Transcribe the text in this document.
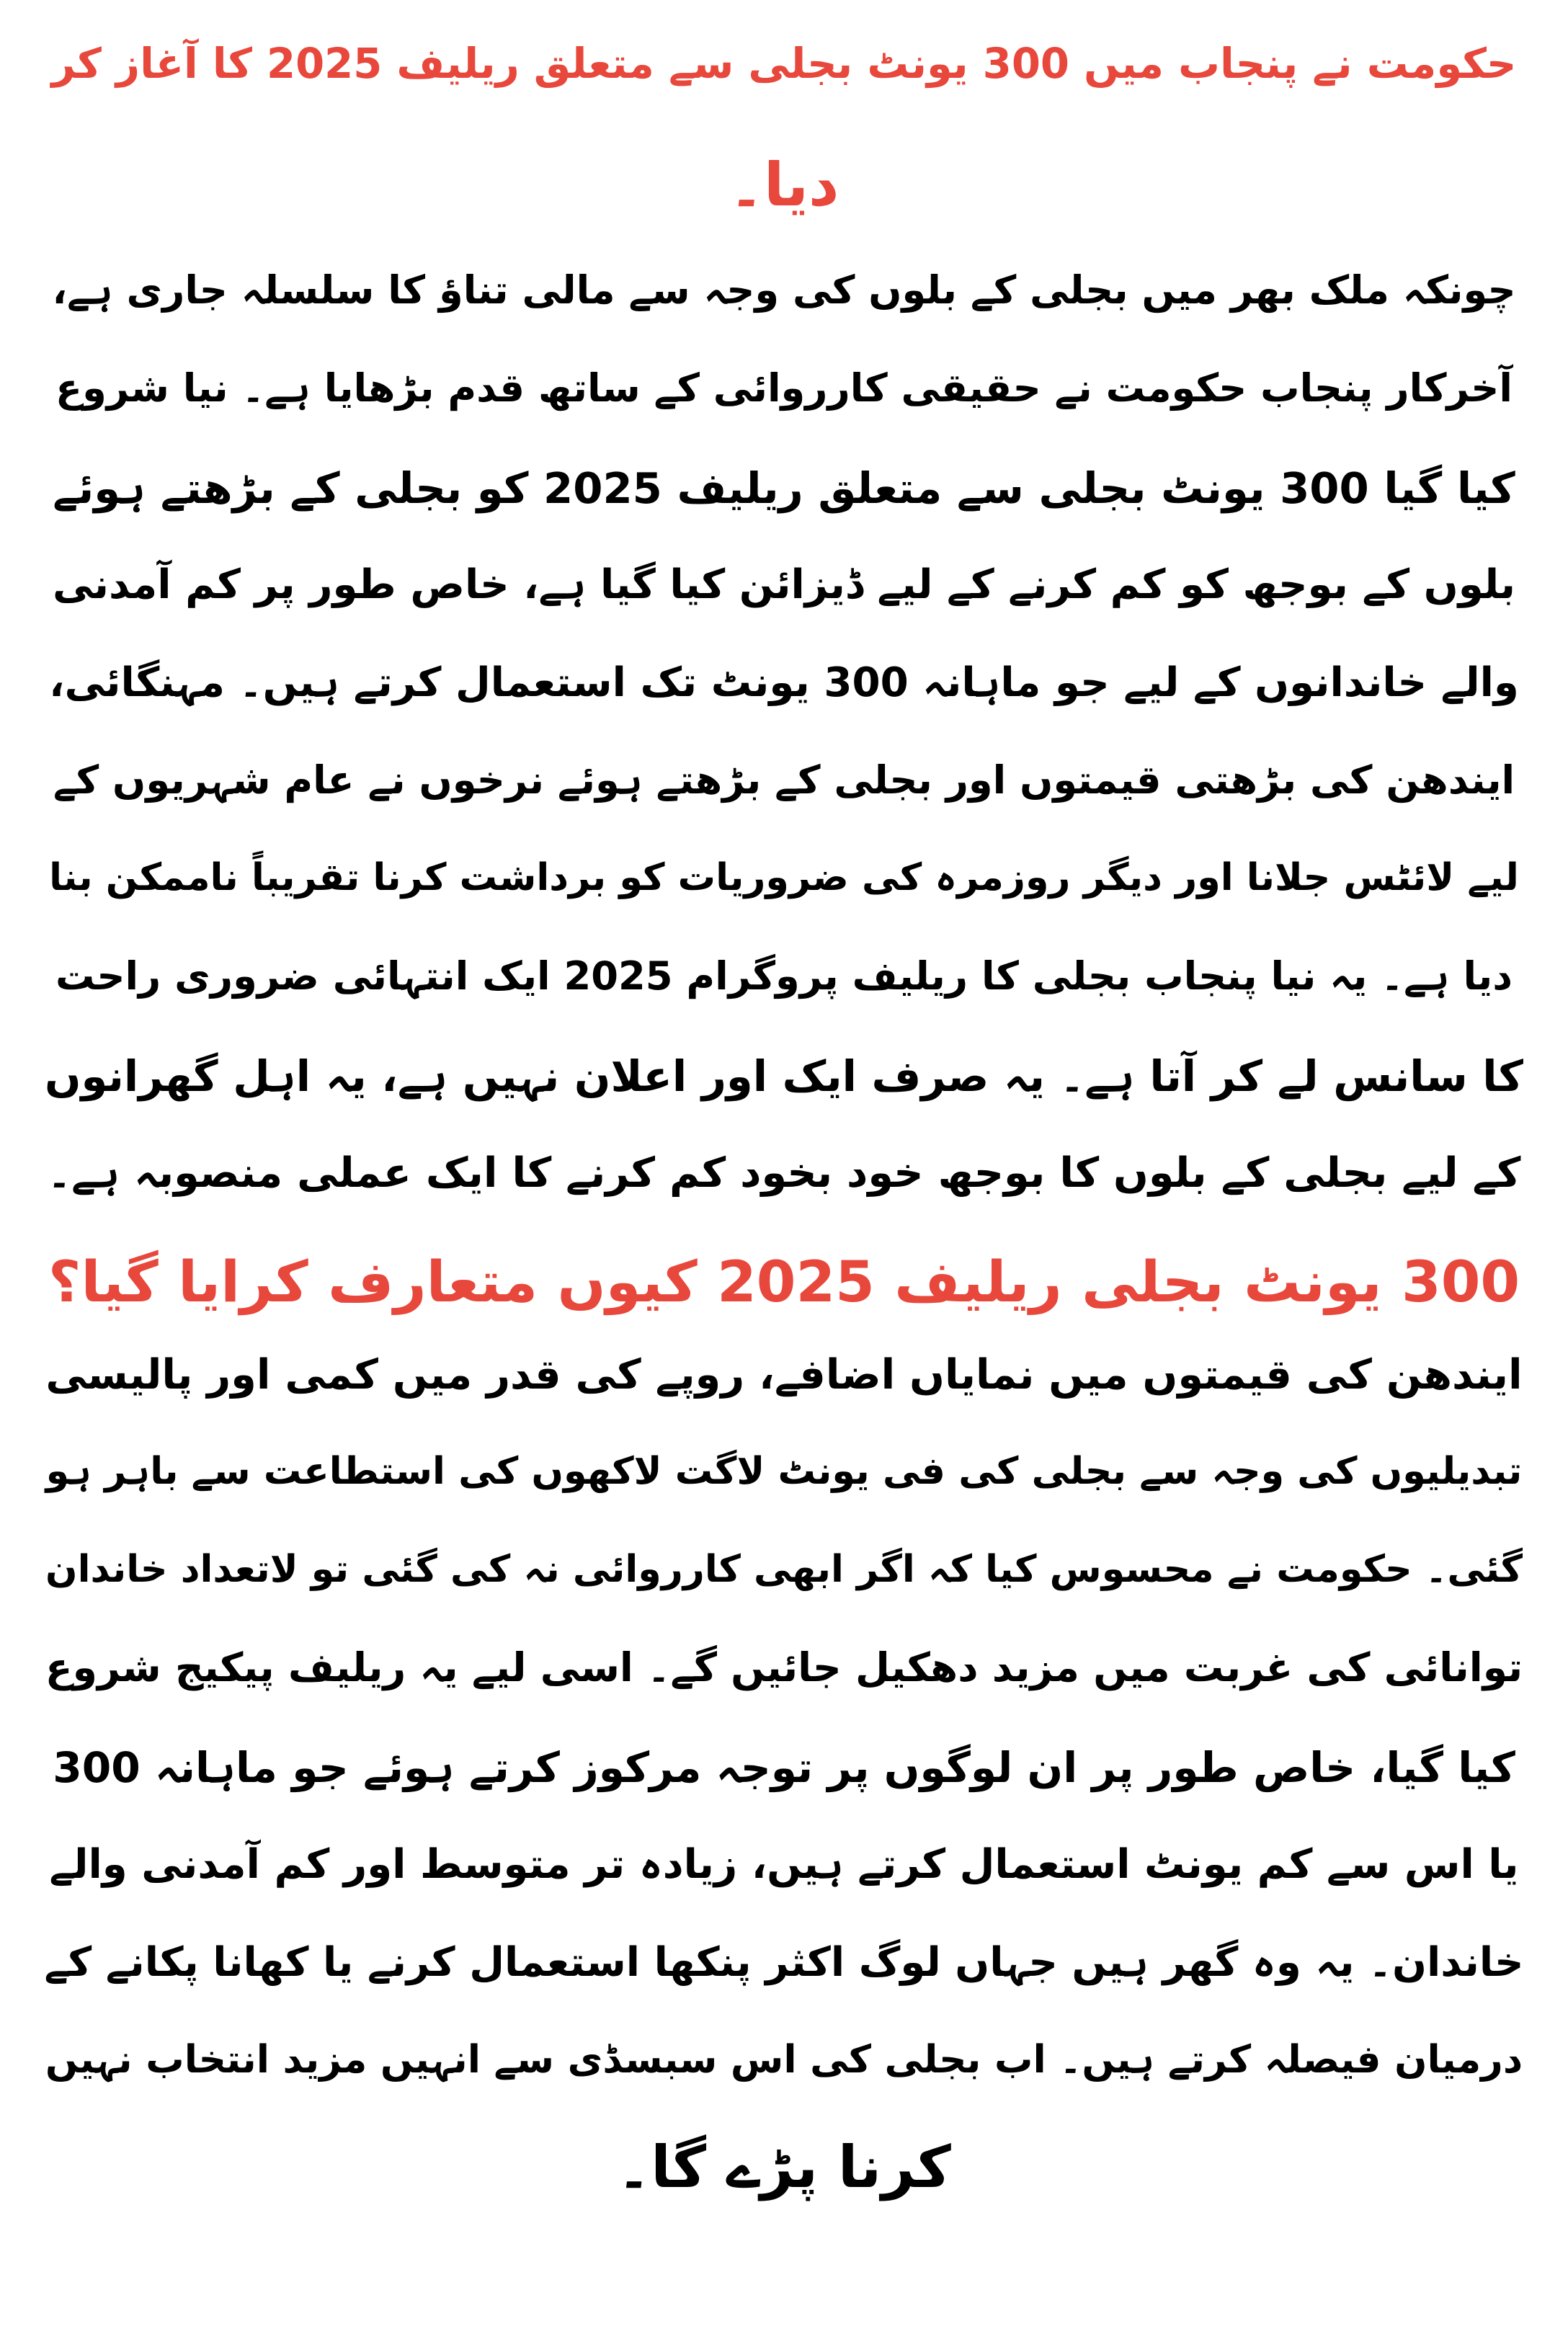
حکومت نے پنجاب میں 300 یونٹ بجلی سے متعلق ریلیف 2025 کا آغاز کر
دیا۔
چونکہ ملک بھر میں بجلی کے بلوں کی وجہ سے مالی تناؤ کا سلسلہ جاری ہے،
آخرکار پنجاب حکومت نے حقیقی کارروائی کے ساتھ قدم بڑھایا ہے۔ نیا شروع
کیا گیا 300 یونٹ بجلی سے متعلق ریلیف 2025 کو بجلی کے بڑھتے ہوئے
بلوں کے بوجھ کو کم کرنے کے لیے ڈیزائن کیا گیا ہے، خاص طور پر کم آمدنی
والے خاندانوں کے لیے جو ماہانہ 300 یونٹ تک استعمال کرتے ہیں۔ مہنگائی،
ایندھن کی بڑھتی قیمتوں اور بجلی کے بڑھتے ہوئے نرخوں نے عام شہریوں کے
لیے لائٹس جلانا اور دیگر روزمرہ کی ضروریات کو برداشت کرنا تقریباً ناممکن بنا
دیا ہے۔ یہ نیا پنجاب بجلی کا ریلیف پروگرام 2025 ایک انتہائی ضروری راحت
کا سانس لے کر آتا ہے۔ یہ صرف ایک اور اعلان نہیں ہے، یہ اہل گھرانوں
کے لیے بجلی کے بلوں کا بوجھ خود بخود کم کرنے کا ایک عملی منصوبہ ہے۔
300 یونٹ بجلی ریلیف 2025 کیوں متعارف کرایا گیا؟
ایندھن کی قیمتوں میں نمایاں اضافے، روپے کی قدر میں کمی اور پالیسی
تبدیلیوں کی وجہ سے بجلی کی فی یونٹ لاگت لاکھوں کی استطاعت سے باہر ہو
گئی۔ حکومت نے محسوس کیا کہ اگر ابھی کارروائی نہ کی گئی تو لاتعداد خاندان
توانائی کی غربت میں مزید دھکیل جائیں گے۔ اسی لیے یہ ریلیف پیکیج شروع
کیا گیا، خاص طور پر ان لوگوں پر توجہ مرکوز کرتے ہوئے جو ماہانہ 300
یا اس سے کم یونٹ استعمال کرتے ہیں، زیادہ تر متوسط اور کم آمدنی والے
خاندان۔ یہ وہ گھر ہیں جہاں لوگ اکثر پنکھا استعمال کرنے یا کھانا پکانے کے
درمیان فیصلہ کرتے ہیں۔ اب بجلی کی اس سبسڈی سے انہیں مزید انتخاب نہیں
کرنا پڑے گا۔
